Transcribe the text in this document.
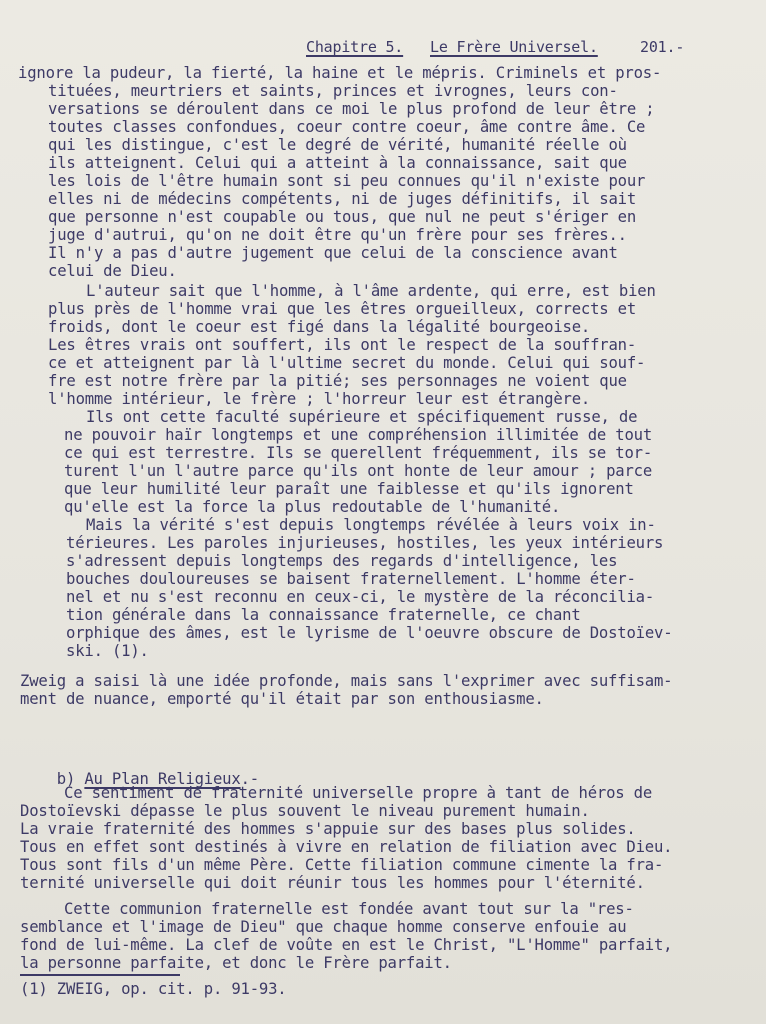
Chapitre 5. Le Frère Universel.	201.-
ignore la pudeur, la fierté, la haine et le mépris. Criminels et pros-
tituées, meurtriers et saints, princes et ivrognes, leurs con-
versations se déroulent dans ce moi le plus profond de leur être ;
toutes classes confondues, coeur contre coeur, âme contre âme. Ce
qui les distingue, c'est le degré de vérité, humanité réelle où
ils atteignent. Celui qui a atteint à la connaissance, sait que
les lois de l'être humain sont si peu connues qu'il n'existe pour
elles ni de médecins compétents, ni de juges définitifs, il sait
que personne n'est coupable ou tous, que nul ne peut s'ériger en
juge d'autrui, qu'on ne doit être qu'un frère pour ses frères..
Il n'y a pas d'autre jugement que celui de la conscience avant
celui de Dieu.
L'auteur sait que l'homme, à l'âme ardente, qui erre, est bien
plus près de l'homme vrai que les êtres orgueilleux, corrects et
froids, dont le coeur est figé dans la légalité bourgeoise.
Les êtres vrais ont souffert, ils ont le respect de la souffran-
ce et atteignent par là l'ultime secret du monde. Celui qui souf-
fre est notre frère par la pitié; ses personnages ne voient que
l'homme intérieur, le frère ; l'horreur leur est étrangère.
Ils ont cette faculté supérieure et spécifiquement russe, de
ne pouvoir haïr longtemps et une compréhension illimitée de tout
ce qui est terrestre. Ils se querellent fréquemment, ils se tor-
turent l'un l'autre parce qu'ils ont honte de leur amour ; parce
que leur humilité leur paraît une faiblesse et qu'ils ignorent
qu'elle est la force la plus redoutable de l'humanité.
Mais la vérité s'est depuis longtemps révélée à leurs voix in-
térieures. Les paroles injurieuses, hostiles, les yeux intérieurs
s'adressent depuis longtemps des regards d'intelligence, les
bouches douloureuses se baisent fraternellement. L'homme éter-
nel et nu s'est reconnu en ceux-ci, le mystère de la réconcilia-
tion générale dans la connaissance fraternelle, ce chant
orphique des âmes, est le lyrisme de l'oeuvre obscure de Dostoïev-
ski. (1).
Zweig a saisi là une idée profonde, mais sans l'exprimer avec suffisam-
ment de nuance, emporté qu'il était par son enthousiasme.

b) Au Plan Religieux.-

Ce sentiment de fraternité universelle propre à tant de héros de
Dostoïevski dépasse le plus souvent le niveau purement humain.
La vraie fraternité des hommes s'appuie sur des bases plus solides.
Tous en effet sont destinés à vivre en relation de filiation avec Dieu.
Tous sont fils d'un même Père. Cette filiation commune cimente la fra-
ternité universelle qui doit réunir tous les hommes pour l'éternité.
Cette communion fraternelle est fondée avant tout sur la "res-
semblance et l'image de Dieu" que chaque homme conserve enfouie au
fond de lui-même. La clef de voûte en est le Christ, "L'Homme" parfait,
la personne parfaite, et donc le Frère parfait.
(1) ZWEIG, op. cit. p. 91-93.
